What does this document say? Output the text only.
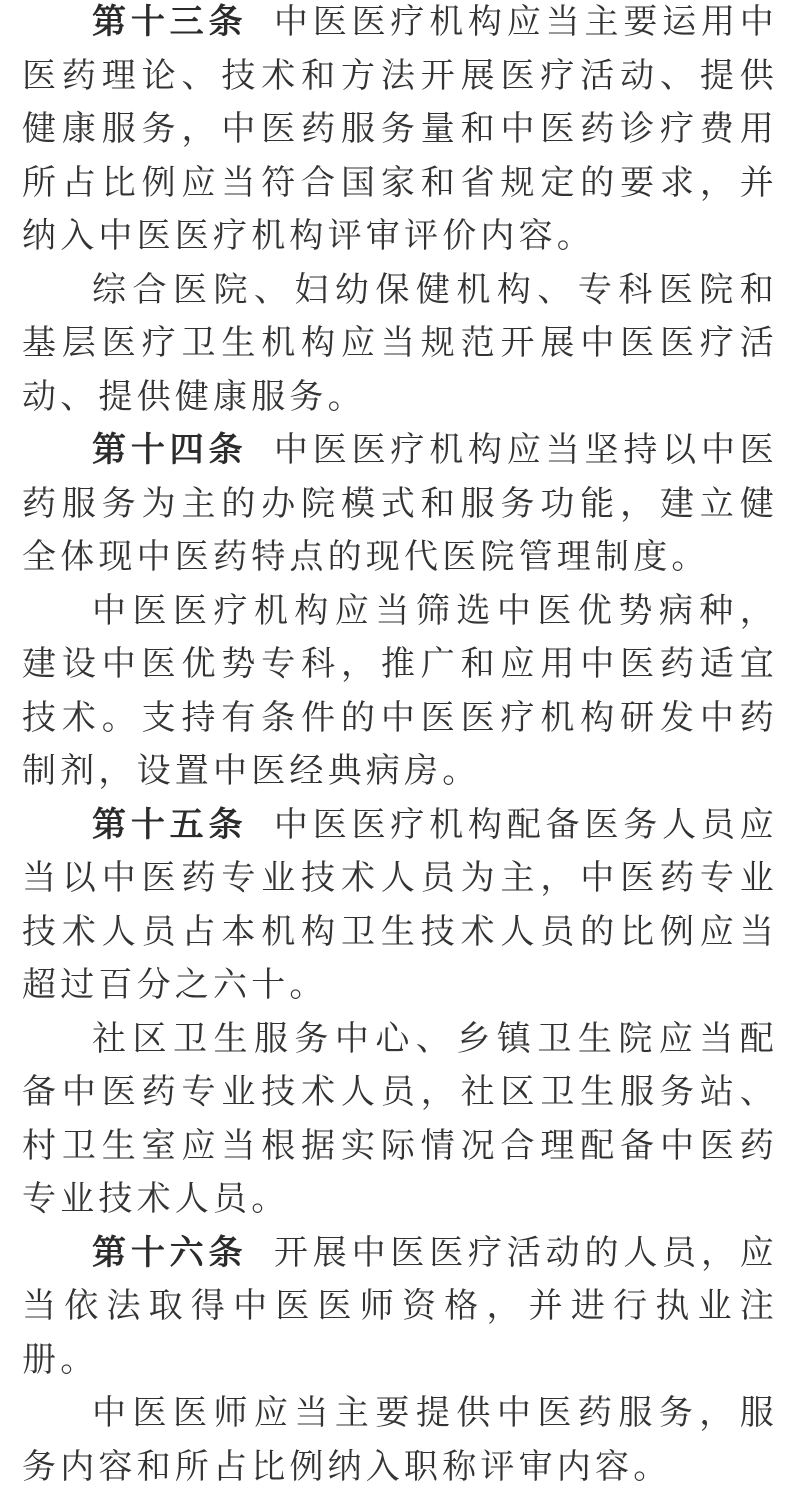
第十三条 中医医疗机构应当主要运用中医药理论、技术和方法开展医疗活动、提供健康服务，中医药服务量和中医药诊疗费用所占比例应当符合国家和省规定的要求，并纳入中医医疗机构评审评价内容。

综合医院、妇幼保健机构、专科医院和基层医疗卫生机构应当规范开展中医医疗活动、提供健康服务。

第十四条 中医医疗机构应当坚持以中医药服务为主的办院模式和服务功能，建立健全体现中医药特点的现代医院管理制度。

中医医疗机构应当筛选中医优势病种，建设中医优势专科，推广和应用中医药适宜技术。支持有条件的中医医疗机构研发中药制剂，设置中医经典病房。

第十五条 中医医疗机构配备医务人员应当以中医药专业技术人员为主，中医药专业技术人员占本机构卫生技术人员的比例应当超过百分之六十。

社区卫生服务中心、乡镇卫生院应当配备中医药专业技术人员，社区卫生服务站、村卫生室应当根据实际情况合理配备中医药专业技术人员。

第十六条 开展中医医疗活动的人员，应当依法取得中医医师资格，并进行执业注册。

中医医师应当主要提供中医药服务，服务内容和所占比例纳入职称评审内容。
